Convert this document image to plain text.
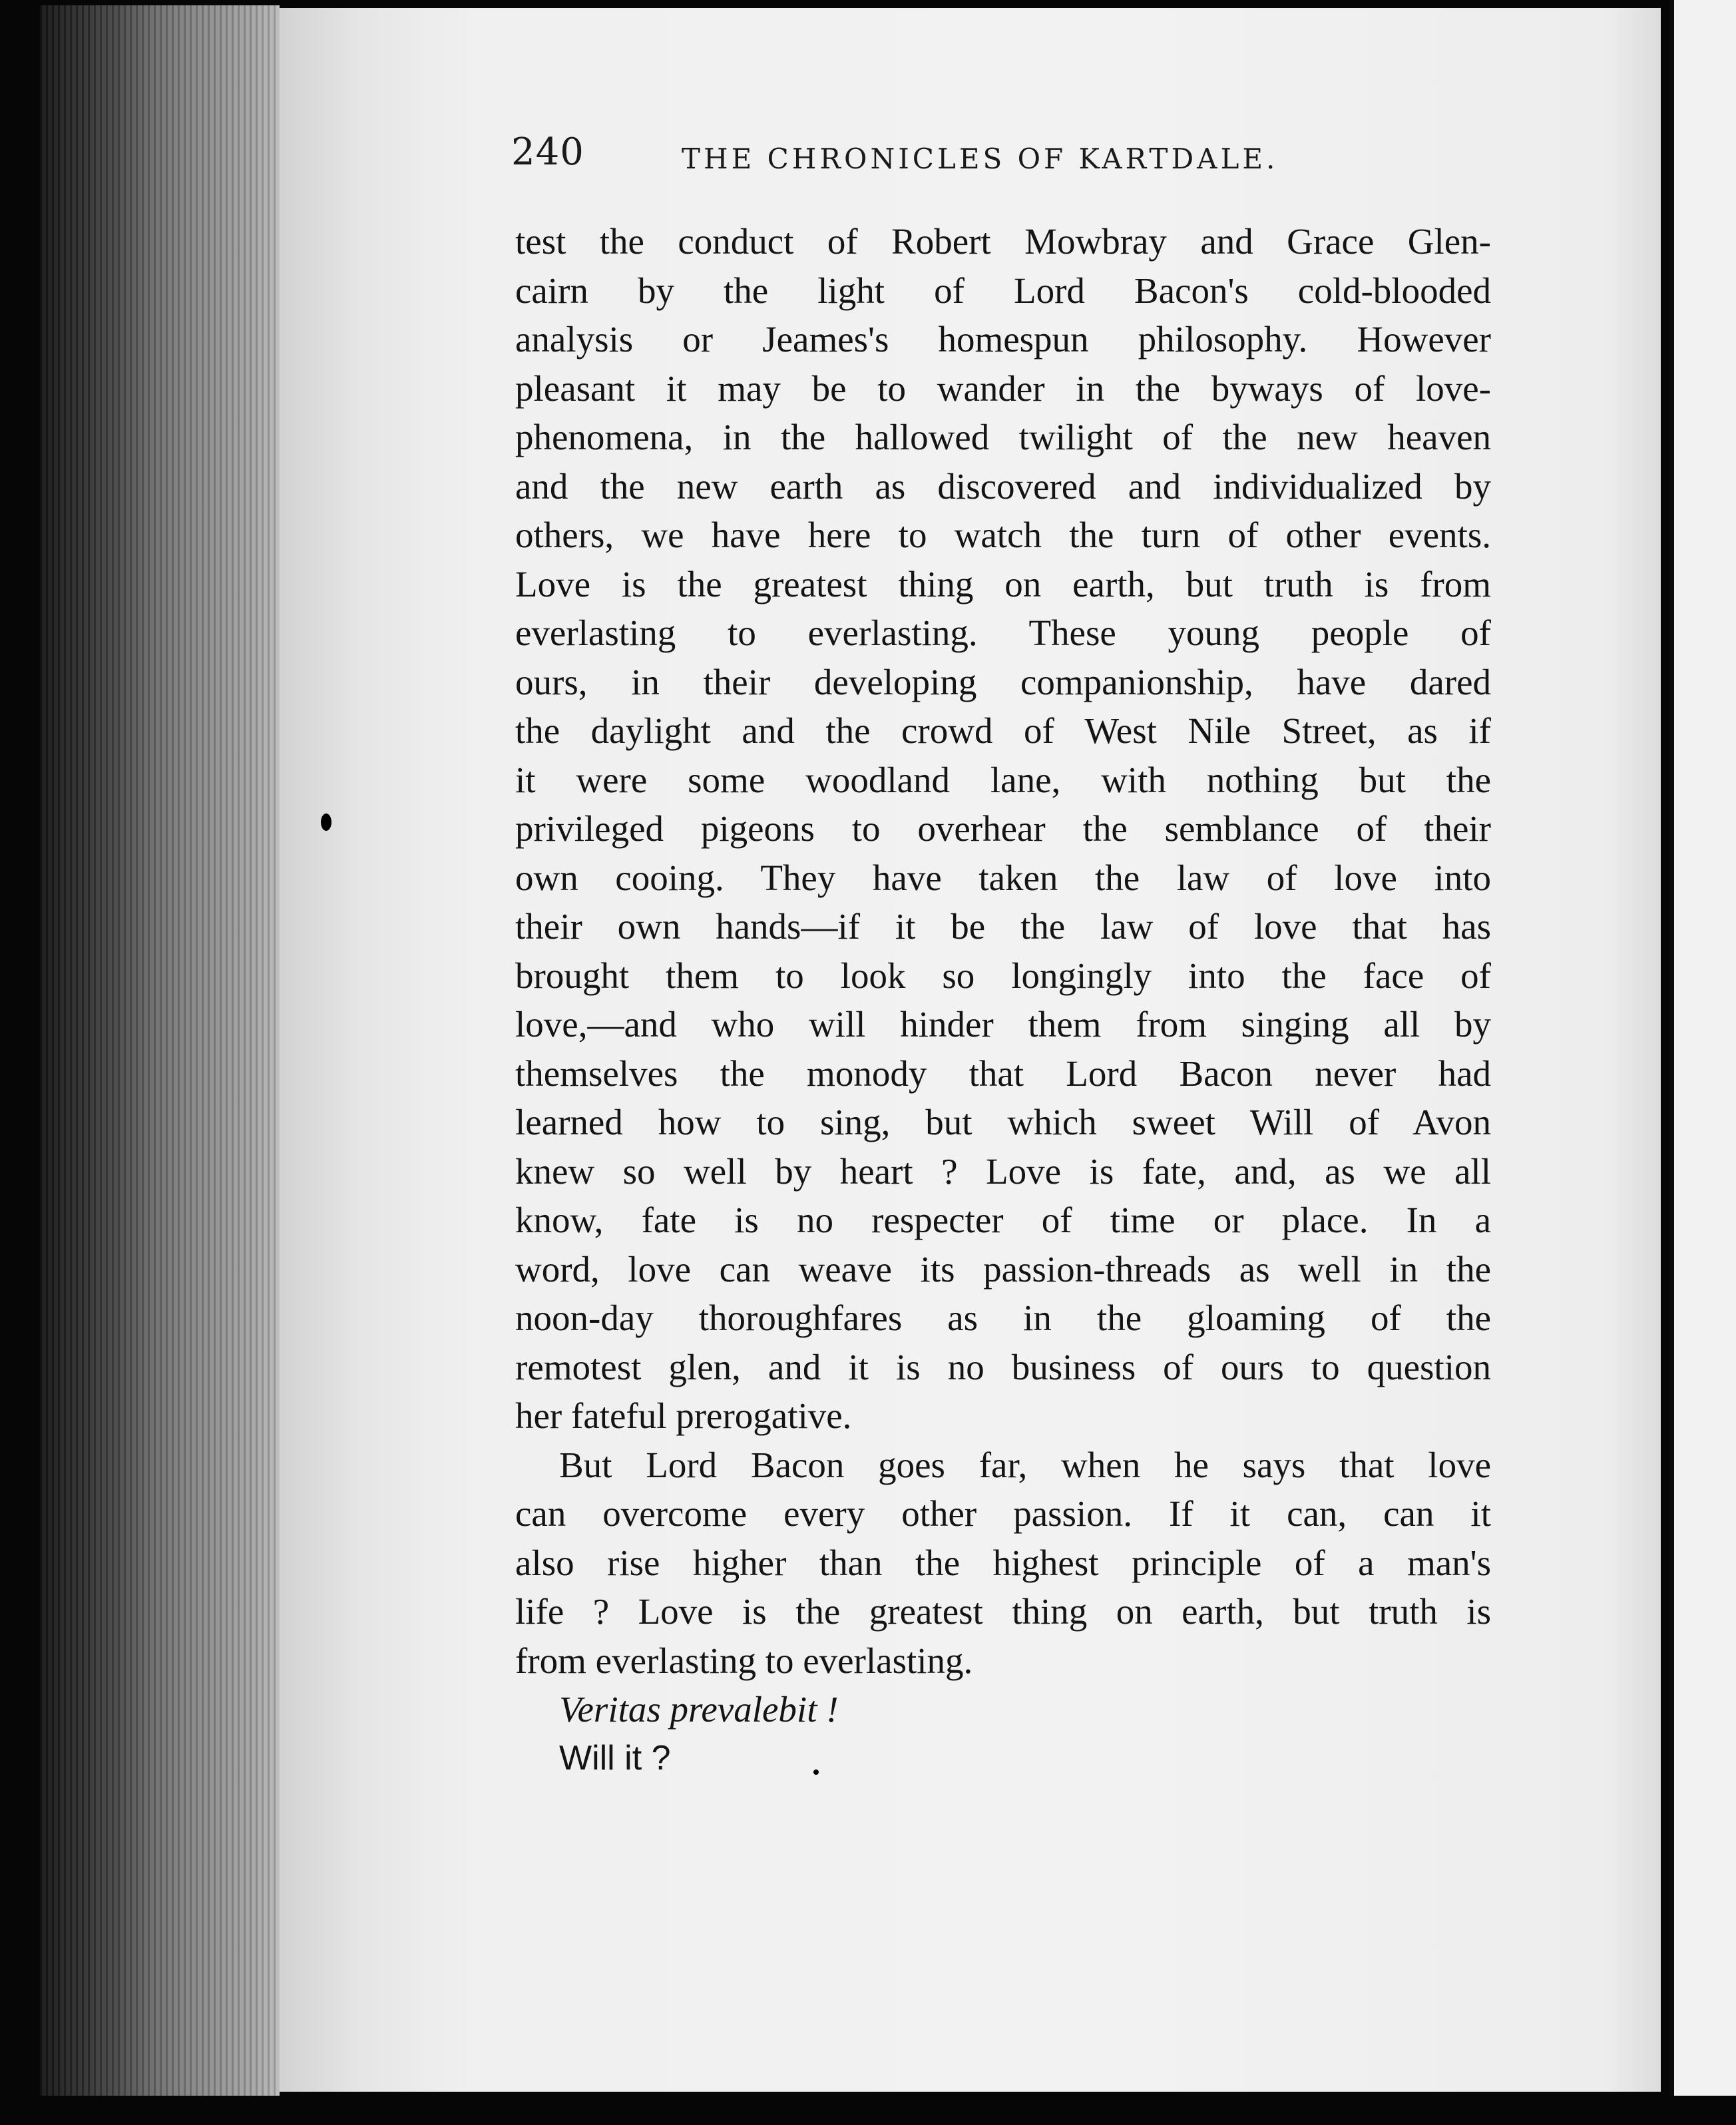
240	THE CHRONICLES OF KARTDALE.
test the conduct of Robert Mowbray and Grace Glen-
cairn by the light of Lord Bacon's cold-blooded
analysis or Jeames's homespun philosophy. However
pleasant it may be to wander in the byways of love-
phenomena, in the hallowed twilight of the new heaven
and the new earth as discovered and individualized by
others, we have here to watch the turn of other events.
Love is the greatest thing on earth, but truth is from
everlasting to everlasting. These young people of
ours, in their developing companionship, have dared
the daylight and the crowd of West Nile Street, as if
it were some woodland lane, with nothing but the
privileged pigeons to overhear the semblance of their
own cooing. They have taken the law of love into
their own hands—if it be the law of love that has
brought them to look so longingly into the face of
love,—and who will hinder them from singing all by
themselves the monody that Lord Bacon never had
learned how to sing, but which sweet Will of Avon
knew so well by heart ? Love is fate, and, as we all
know, fate is no respecter of time or place. In a
word, love can weave its passion-threads as well in the
noon-day thoroughfares as in the gloaming of the
remotest glen, and it is no business of ours to question
her fateful prerogative.
But Lord Bacon goes far, when he says that love
can overcome every other passion. If it can, can it
also rise higher than the highest principle of a man's
life ? Love is the greatest thing on earth, but truth is
from everlasting to everlasting.
Veritas prevalebit !
Will it ?
